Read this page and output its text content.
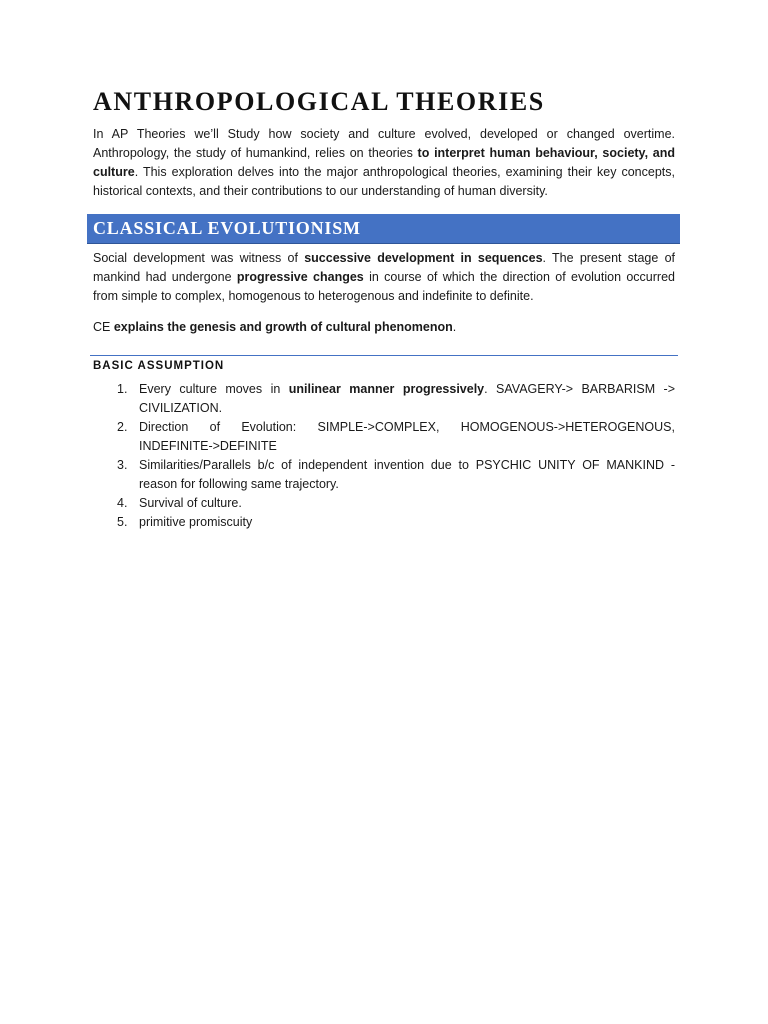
ANTHROPOLOGICAL THEORIES

In AP Theories we’ll Study how society and culture evolved, developed or changed overtime. Anthropology, the study of humankind, relies on theories to interpret human behaviour, society, and culture. This exploration delves into the major anthropological theories, examining their key concepts, historical contexts, and their contributions to our understanding of human diversity.

CLASSICAL EVOLUTIONISM

Social development was witness of successive development in sequences. The present stage of mankind had undergone progressive changes in course of which the direction of evolution occurred from simple to complex, homogenous to heterogenous and indefinite to definite.

CE explains the genesis and growth of cultural phenomenon.

BASIC ASSUMPTION
1. Every culture moves in unilinear manner progressively. SAVAGERY-> BARBARISM -> CIVILIZATION.
2. Direction of Evolution: SIMPLE->COMPLEX, HOMOGENOUS->HETEROGENOUS, INDEFINITE->DEFINITE
3. Similarities/Parallels b/c of independent invention due to PSYCHIC UNITY OF MANKIND - reason for following same trajectory.
4. Survival of culture.
5. primitive promiscuity
